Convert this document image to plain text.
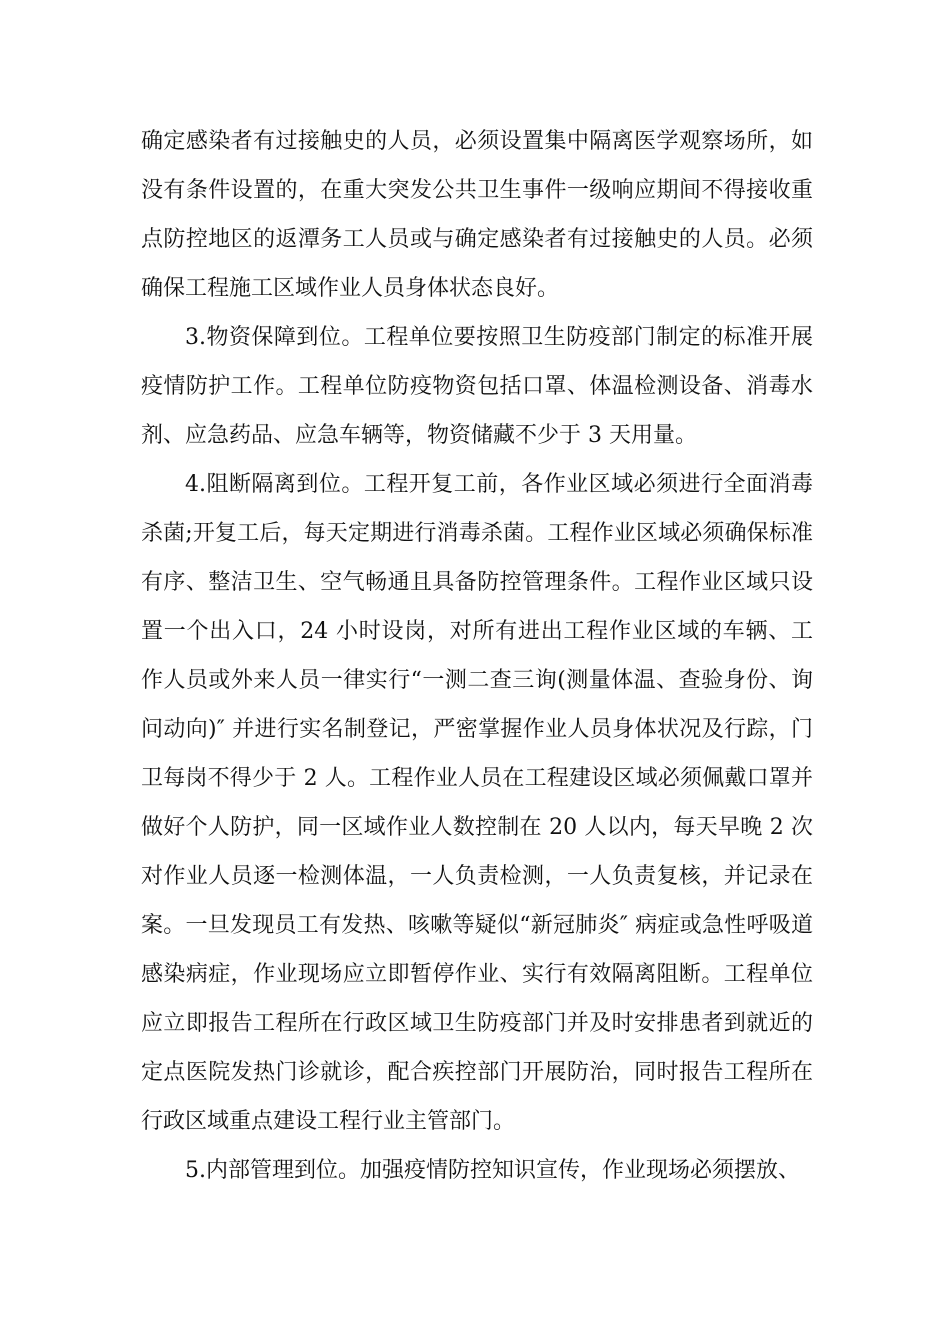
确定感染者有过接触史的人员，必须设置集中隔离医学观察场所，如没有条件设置的，在重大突发公共卫生事件一级响应期间不得接收重点防控地区的返潭务工人员或与确定感染者有过接触史的人员。必须确保工程施工区域作业人员身体状态良好。

3.物资保障到位。工程单位要按照卫生防疫部门制定的标准开展疫情防护工作。工程单位防疫物资包括口罩、体温检测设备、消毒水剂、应急药品、应急车辆等，物资储藏不少于 3 天用量。

4.阻断隔离到位。工程开复工前，各作业区域必须进行全面消毒杀菌;开复工后，每天定期进行消毒杀菌。工程作业区域必须确保标准有序、整洁卫生、空气畅通且具备防控管理条件。工程作业区域只设置一个出入口，24 小时设岗，对所有进出工程作业区域的车辆、工作人员或外来人员一律实行“一测二查三询(测量体温、查验身份、询问动向)″ 并进行实名制登记，严密掌握作业人员身体状况及行踪，门卫每岗不得少于 2 人。工程作业人员在工程建设区域必须佩戴口罩并做好个人防护，同一区域作业人数控制在 20 人以内，每天早晚 2 次对作业人员逐一检测体温，一人负责检测，一人负责复核，并记录在案。一旦发现员工有发热、咳嗽等疑似“新冠肺炎″ 病症或急性呼吸道感染病症，作业现场应立即暂停作业、实行有效隔离阻断。工程单位应立即报告工程所在行政区域卫生防疫部门并及时安排患者到就近的定点医院发热门诊就诊，配合疾控部门开展防治，同时报告工程所在行政区域重点建设工程行业主管部门。

5.内部管理到位。加强疫情防控知识宣传，作业现场必须摆放、
